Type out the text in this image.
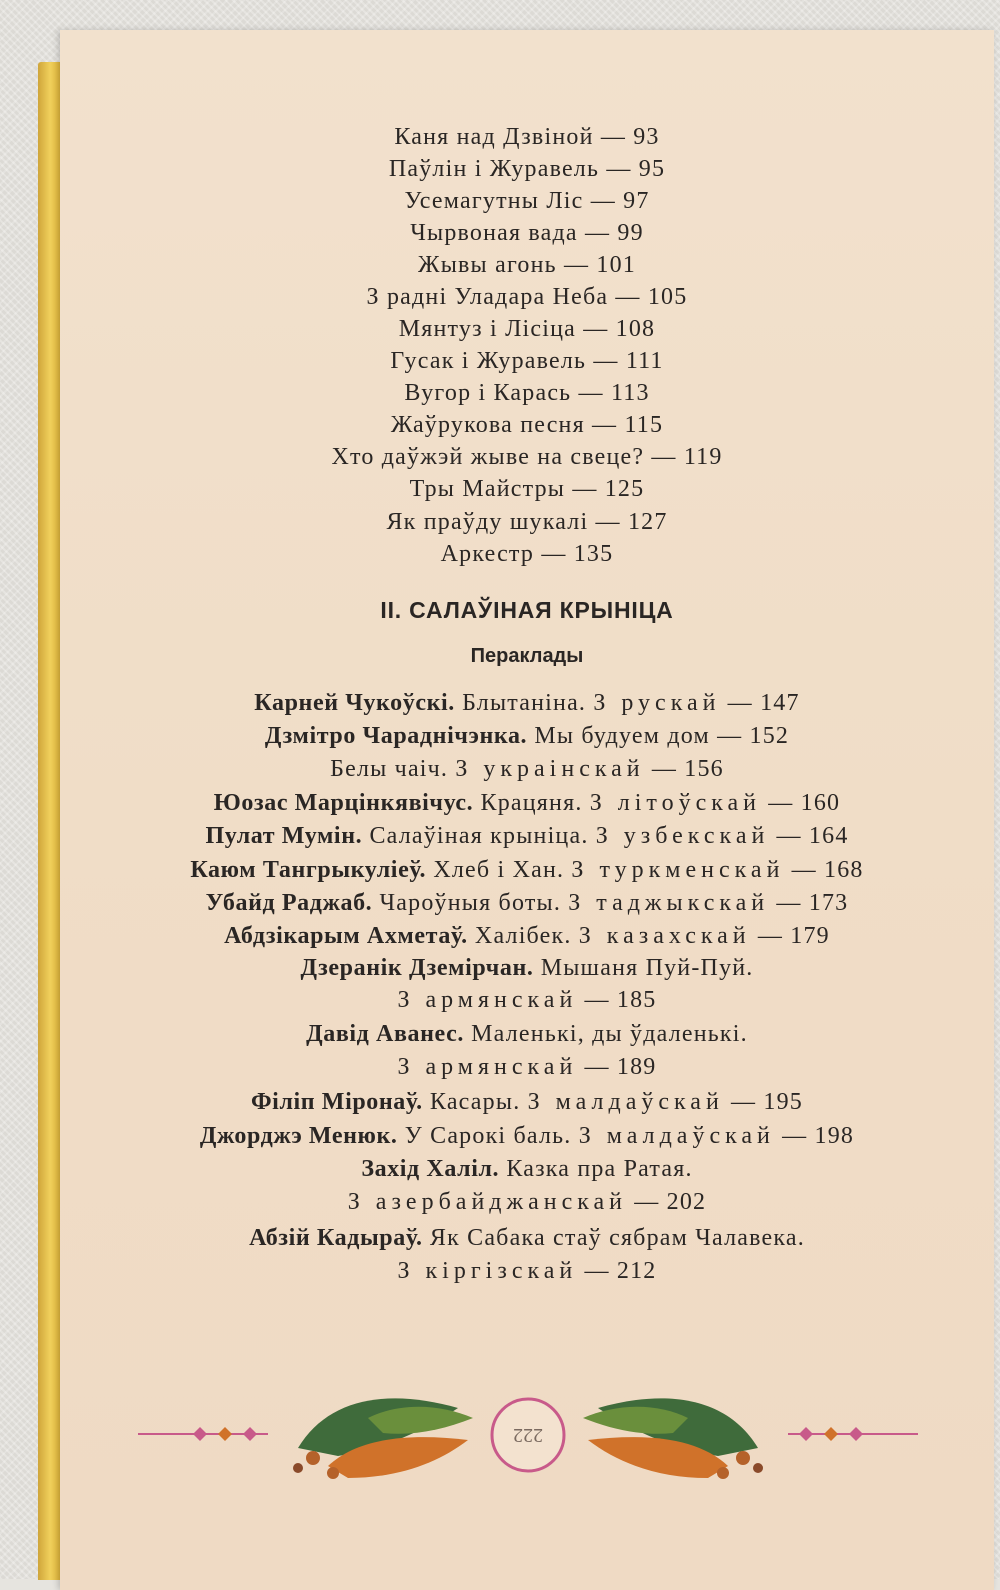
Каня над Дзвіной — 93
Паўлін і Журавель — 95
Усемагутны Ліс — 97
Чырвоная вада — 99
Жывы агонь — 101
З радні Уладара Неба — 105
Мянтуз і Лісіца — 108
Гусак і Журавель — 111
Вугор і Карась — 113
Жаўрукова песня — 115
Хто даўжэй жыве на свеце? — 119
Тры Майстры — 125
Як праўду шукалі — 127
Аркестр — 135
II. САЛАЎІНАЯ КРЫНІЦА
Пераклады
Карней Чукоўскі. Блытаніна. З рускай — 147
Дзмітро Чараднічэнка. Мы будуем дом — 152
Белы чаіч. З украінскай — 156
Юозас Марцінкявічус. Крацяня. З літоўскай — 160
Пулат Мумін. Салаўіная крыніца. З узбекскай — 164
Каюм Тангрыкулiеў. Хлеб і Хан. З туркменскай — 168
Убайд Раджаб. Чароўныя боты. З таджыкскай — 173
Абдзікарым Ахметаў. Халібек. З казахскай — 179
Дзеранік Дземірчан. Мышаня Пуй-Пуй.
З армянскай — 185
Давід Аванес. Маленькі, ды ўдаленькі.
З армянскай — 189
Філіп Міронаў. Касары. З малдаўскай — 195
Джорджэ Менюк. У Сарокі баль. З малдаўскай — 198
Захід Халіл. Казка пра Ратая.
З азербайджанскай — 202
Абзій Кадыраў. Як Сабака стаў сябрам Чалавека.
З кіргізскай — 212
222
